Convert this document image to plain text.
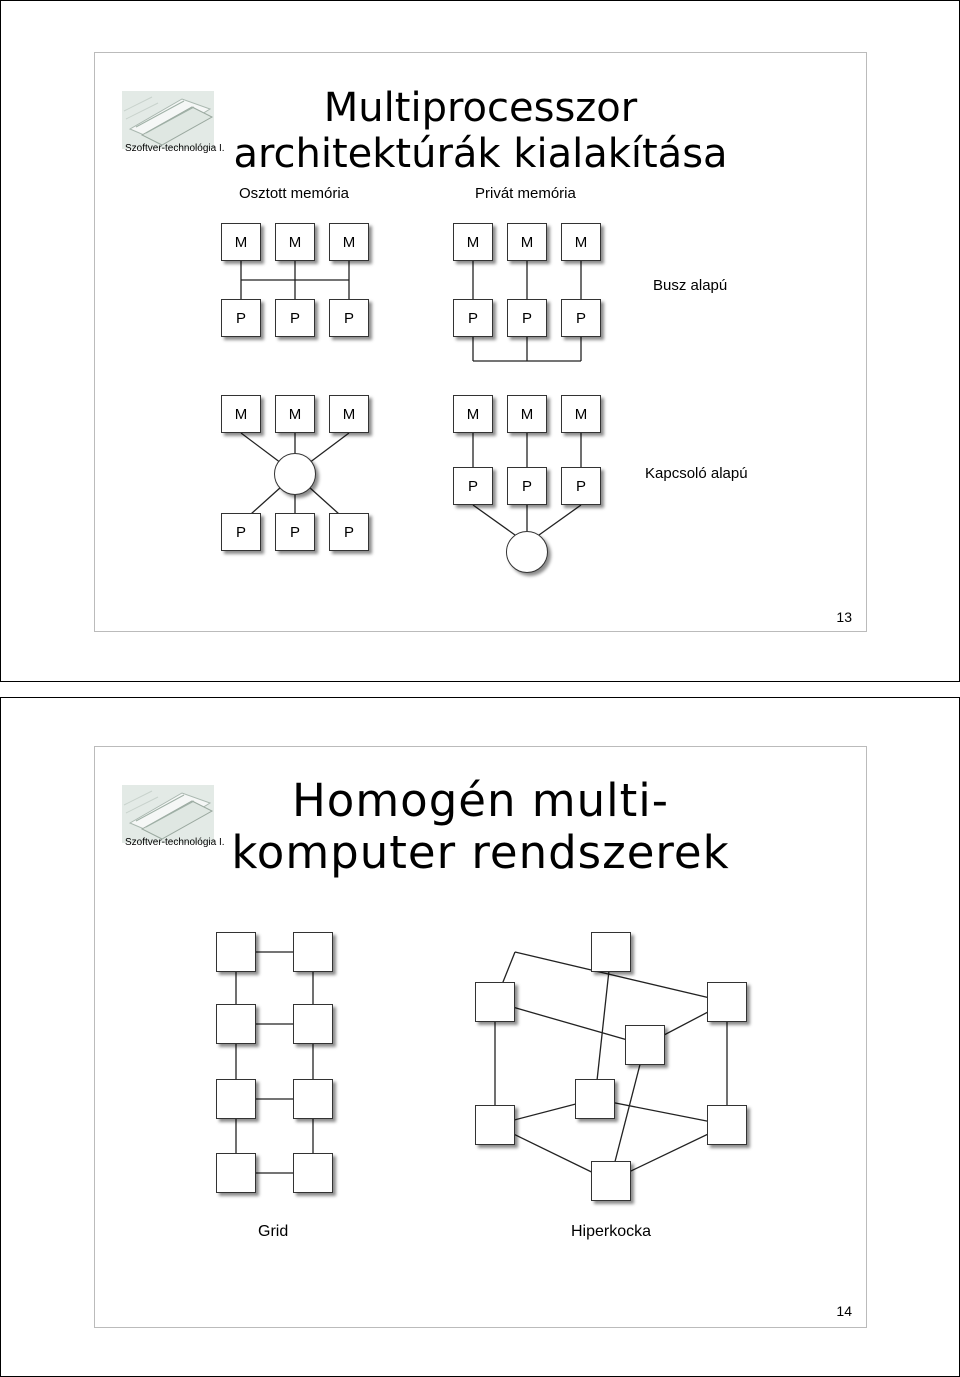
Szoftver-technológia I.
Multiprocesszor
architektúrák kialakítása
Osztott memória	Privát memória
Busz alapú
Kapcsoló alapú
M	M	M
P	P	P
M	M	M
P	P	P
M	M	M
P	P	P
M	M	M
P	P	P
13
Szoftver-technológia I.
Homogén multi-
komputer rendszerek
Grid	Hiperkocka
14
